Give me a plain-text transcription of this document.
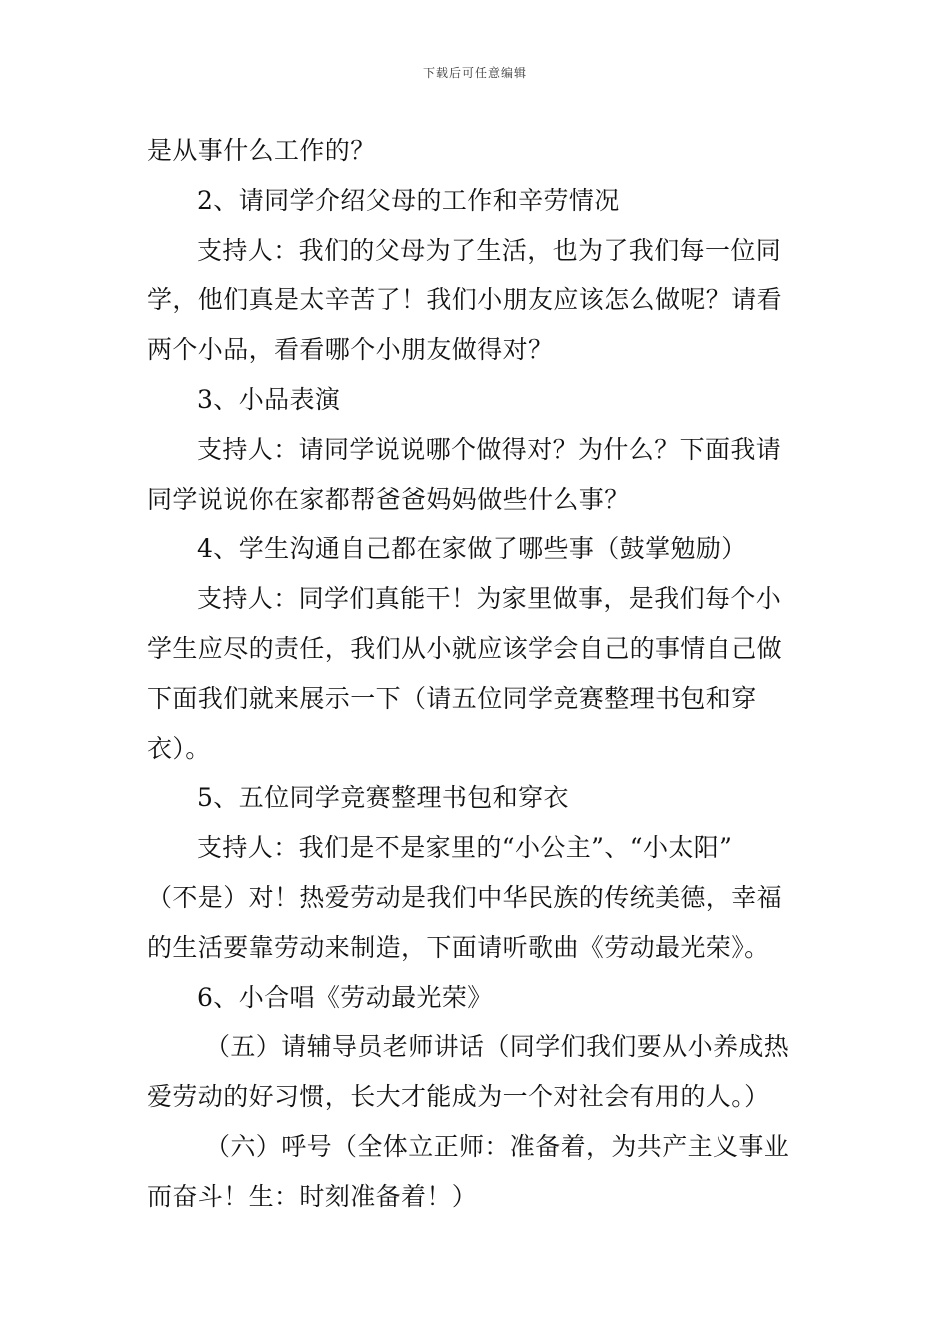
下载后可任意编辑
是从事什么工作的？
2、请同学介绍父母的工作和辛劳情况
支持人：我们的父母为了生活，也为了我们每一位同
学，他们真是太辛苦了！我们小朋友应该怎么做呢？请看
两个小品，看看哪个小朋友做得对？
3、小品表演
支持人：请同学说说哪个做得对？为什么？下面我请
同学说说你在家都帮爸爸妈妈做些什么事？
4、学生沟通自己都在家做了哪些事（鼓掌勉励）
支持人：同学们真能干！为家里做事，是我们每个小
学生应尽的责任，我们从小就应该学会自己的事情自己做
下面我们就来展示一下（请五位同学竞赛整理书包和穿
衣）。
5、五位同学竞赛整理书包和穿衣
支持人：我们是不是家里的“小公主”、“小太阳”
（不是）对！热爱劳动是我们中华民族的传统美德，幸福
的生活要靠劳动来制造，下面请听歌曲《劳动最光荣》。
6、小合唱《劳动最光荣》
（五）请辅导员老师讲话（同学们我们要从小养成热
爱劳动的好习惯，长大才能成为一个对社会有用的人。）
（六）呼号（全体立正师：准备着，为共产主义事业
而奋斗！生：时刻准备着！）
